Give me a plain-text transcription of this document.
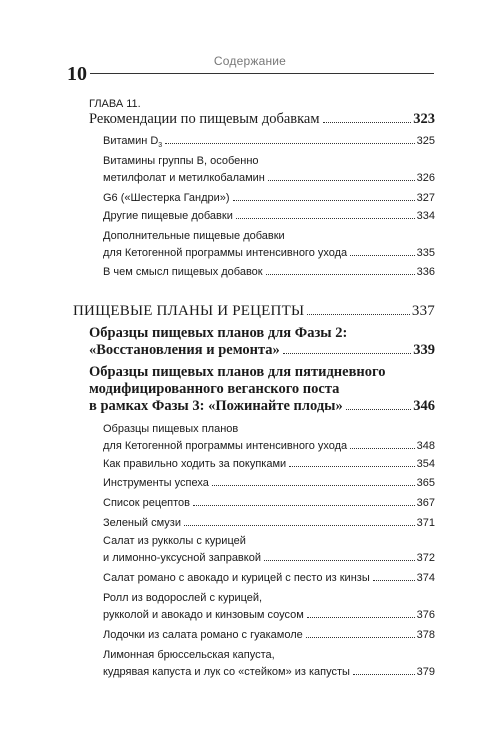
Содержание
10
ГЛАВА 11.
Рекомендации по пищевым добавкам	323
Витамин $D_3$	325
Витамины группы В, особенно
метилфолат и метилкобаламин	326
G6 («Шестерка Гандри»)	327
Другие пищевые добавки	334
Дополнительные пищевые добавки
для Кетогенной программы интенсивного ухода	335
В чем смысл пищевых добавок	336
ПИЩЕВЫЕ ПЛАНЫ И РЕЦЕПТЫ	337
Образцы пищевых планов для Фазы 2:
«Восстановления и ремонта»	339
Образцы пищевых планов для пятидневного
модифицированного веганского поста
в рамках Фазы 3: «Пожинайте плоды»	346
Образцы пищевых планов
для Кетогенной программы интенсивного ухода	348
Как правильно ходить за покупками	354
Инструменты успеха	365
Список рецептов	367
Зеленый смузи	371
Салат из рукколы с курицей
и лимонно-уксусной заправкой	372
Салат романо с авокадо и курицей с песто из кинзы	374
Ролл из водорослей с курицей,
рукколой и авокадо и кинзовым соусом	376
Лодочки из салата романо с гуакамоле	378
Лимонная брюссельская капуста,
кудрявая капуста и лук со «стейком» из капусты	379
